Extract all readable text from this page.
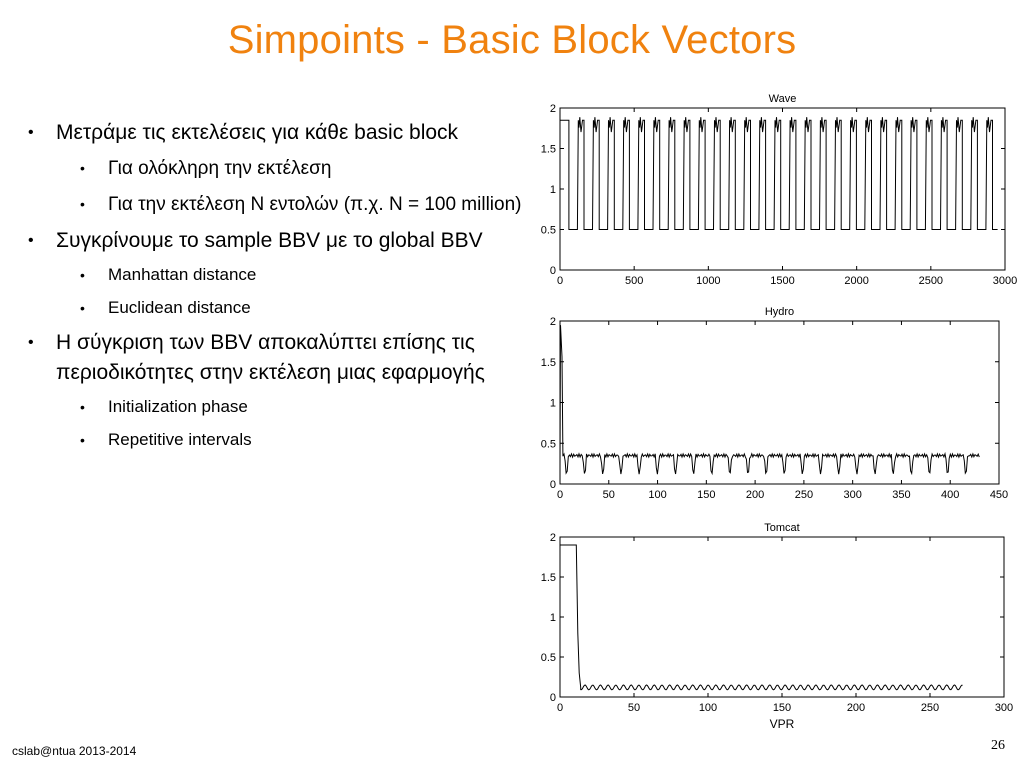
Simpoints - Basic Block Vectors
• Μετράμε τις εκτελέσεις για κάθε basic block
• Για ολόκληρη την εκτέλεση
• Για την εκτέλεση Ν εντολών (π.χ. N = 100 million)
• Συγκρίνουμε το sample BBV με το global BBV
• Manhattan distance
• Euclidean distance
• Η σύγκριση των BBV αποκαλύπτει επίσης τις περιοδικότητες στην εκτέλεση μιας εφαρμογής
• Initialization phase
• Repetitive intervals
Wave
0	500	1000	1500	2000	2500	3000
0
0.5
1
1.5
2
Hydro
0	50	100	150	200	250	300	350	400	450
0
0.5
1
1.5
2
Tomcat
0	50	100	150	200	250	300
0
0.5
1
1.5
2
VPR
cslab@ntua 2013-2014	26
